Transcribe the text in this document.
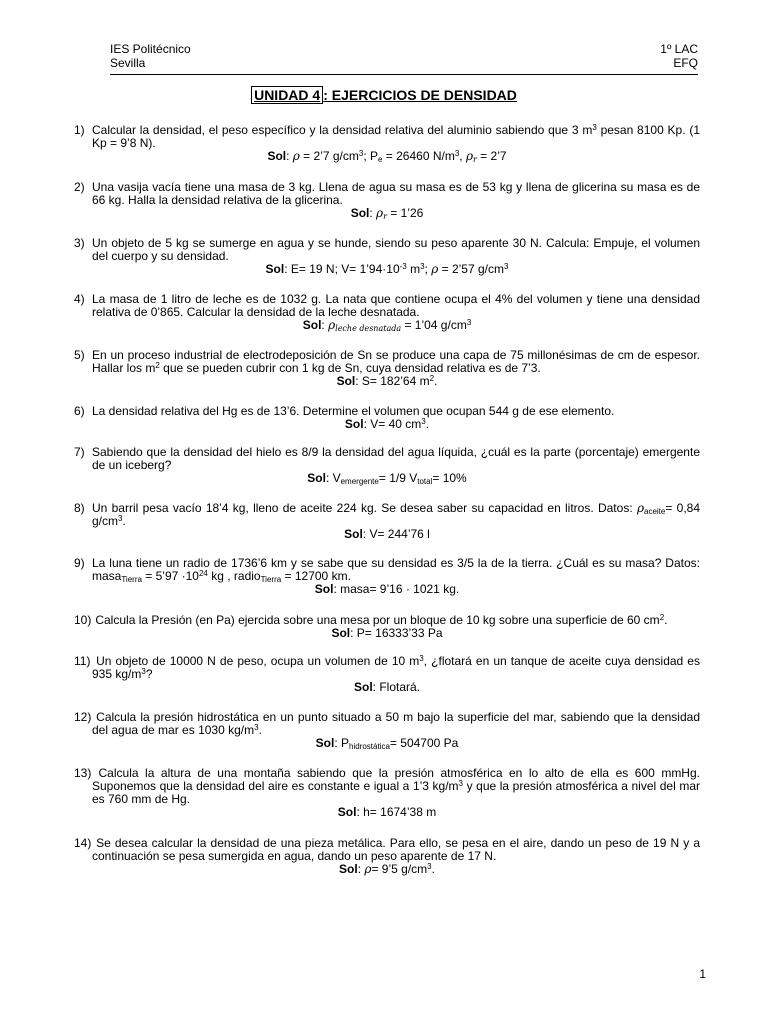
IES Politécnico
Sevilla
1º LAC
EFQ
UNIDAD 4 : EJERCICIOS DE DENSIDAD
1) Calcular la densidad, el peso específico y la densidad relativa del aluminio sabiendo que 3 $m^3$ pesan 8100 Kp. (1 Kp = 9’8 N).
Sol: ρ = 2’7 $g/cm^3$; $P_e = 26460$ $N/m^3$, $\rho_r$ = 2’7
2) Una vasija vacía tiene una masa de 3 kg. Llena de agua su masa es de 53 kg y llena de glicerina su masa es de 66 kg. Halla la densidad relativa de la glicerina.
Sol: $\rho_r$ = 1’26
3) Un objeto de 5 kg se sumerge en agua y se hunde, siendo su peso aparente 30 N. Calcula: Empuje, el volumen del cuerpo y su densidad.
Sol: E= 19 N; $V= 1’94\cdot 10^{-3}$ $m^3$; ρ = 2’57 $g/cm^3$
4) La masa de 1 litro de leche es de 1032 g. La nata que contiene ocupa el 4% del volumen y tiene una densidad relativa de 0’865. Calcular la densidad de la leche desnatada.
Sol: $\rho_{leche desnatada}$ = 1’04 $g/cm^3$
5) En un proceso industrial de electrodeposición de Sn se produce una capa de 75 millonésimas de cm de espesor. Hallar los $m^2$ que se pueden cubrir con 1 kg de Sn, cuya densidad relativa es de 7’3.
Sol: S= 182’64 $m^2$.
6) La densidad relativa del Hg es de 13’6. Determine el volumen que ocupan 544 g de ese elemento.
Sol: V= 40 $cm^3$.
7) Sabiendo que la densidad del hielo es 8/9 la densidad del agua líquida, ¿cuál es la parte (porcentaje) emergente de un iceberg?
Sol: $V_{emergente}= 1/9$ $V_{total}= 10\%$
8) Un barril pesa vacío 18’4 kg, lleno de aceite 224 kg. Se desea saber su capacidad en litros. Datos: $\rho_{aceite}= 0,84$ $g/cm^3$.
Sol: V= 244’76 l
9) La luna tiene un radio de 1736’6 km y se sabe que su densidad es 3/5 la de la tierra. ¿Cuál es su masa? Datos: masa$_{Tierra}$ = 5’97 $\cdot 10^{24}$ kg , radio$_{Tierra}$ = 12700 km.
Sol: masa= 9’16 · 1021 kg.
10) Calcula la Presión (en Pa) ejercida sobre una mesa por un bloque de 10 kg sobre una superficie de 60 $cm^2$.
Sol: P= 16333’33 Pa
11) Un objeto de 10000 N de peso, ocupa un volumen de 10 $m^3$, ¿flotará en un tanque de aceite cuya densidad es 935 $kg/m^3$?
Sol: Flotará.
12) Calcula la presión hidrostática en un punto situado a 50 m bajo la superficie del mar, sabiendo que la densidad del agua de mar es 1030 $kg/m^3$.
Sol: $P_{hidrostática}= 504700$ Pa
13) Calcula la altura de una montaña sabiendo que la presión atmosférica en lo alto de ella es 600 mmHg. Suponemos que la densidad del aire es constante e igual a 1’3 $kg/m^3$ y que la presión atmosférica a nivel del mar es 760 mm de Hg.
Sol: h= 1674’38 m
14) Se desea calcular la densidad de una pieza metálica. Para ello, se pesa en el aire, dando un peso de 19 N y a continuación se pesa sumergida en agua, dando un peso aparente de 17 N.
Sol: ρ= 9’5 $g/cm^3$.
1
